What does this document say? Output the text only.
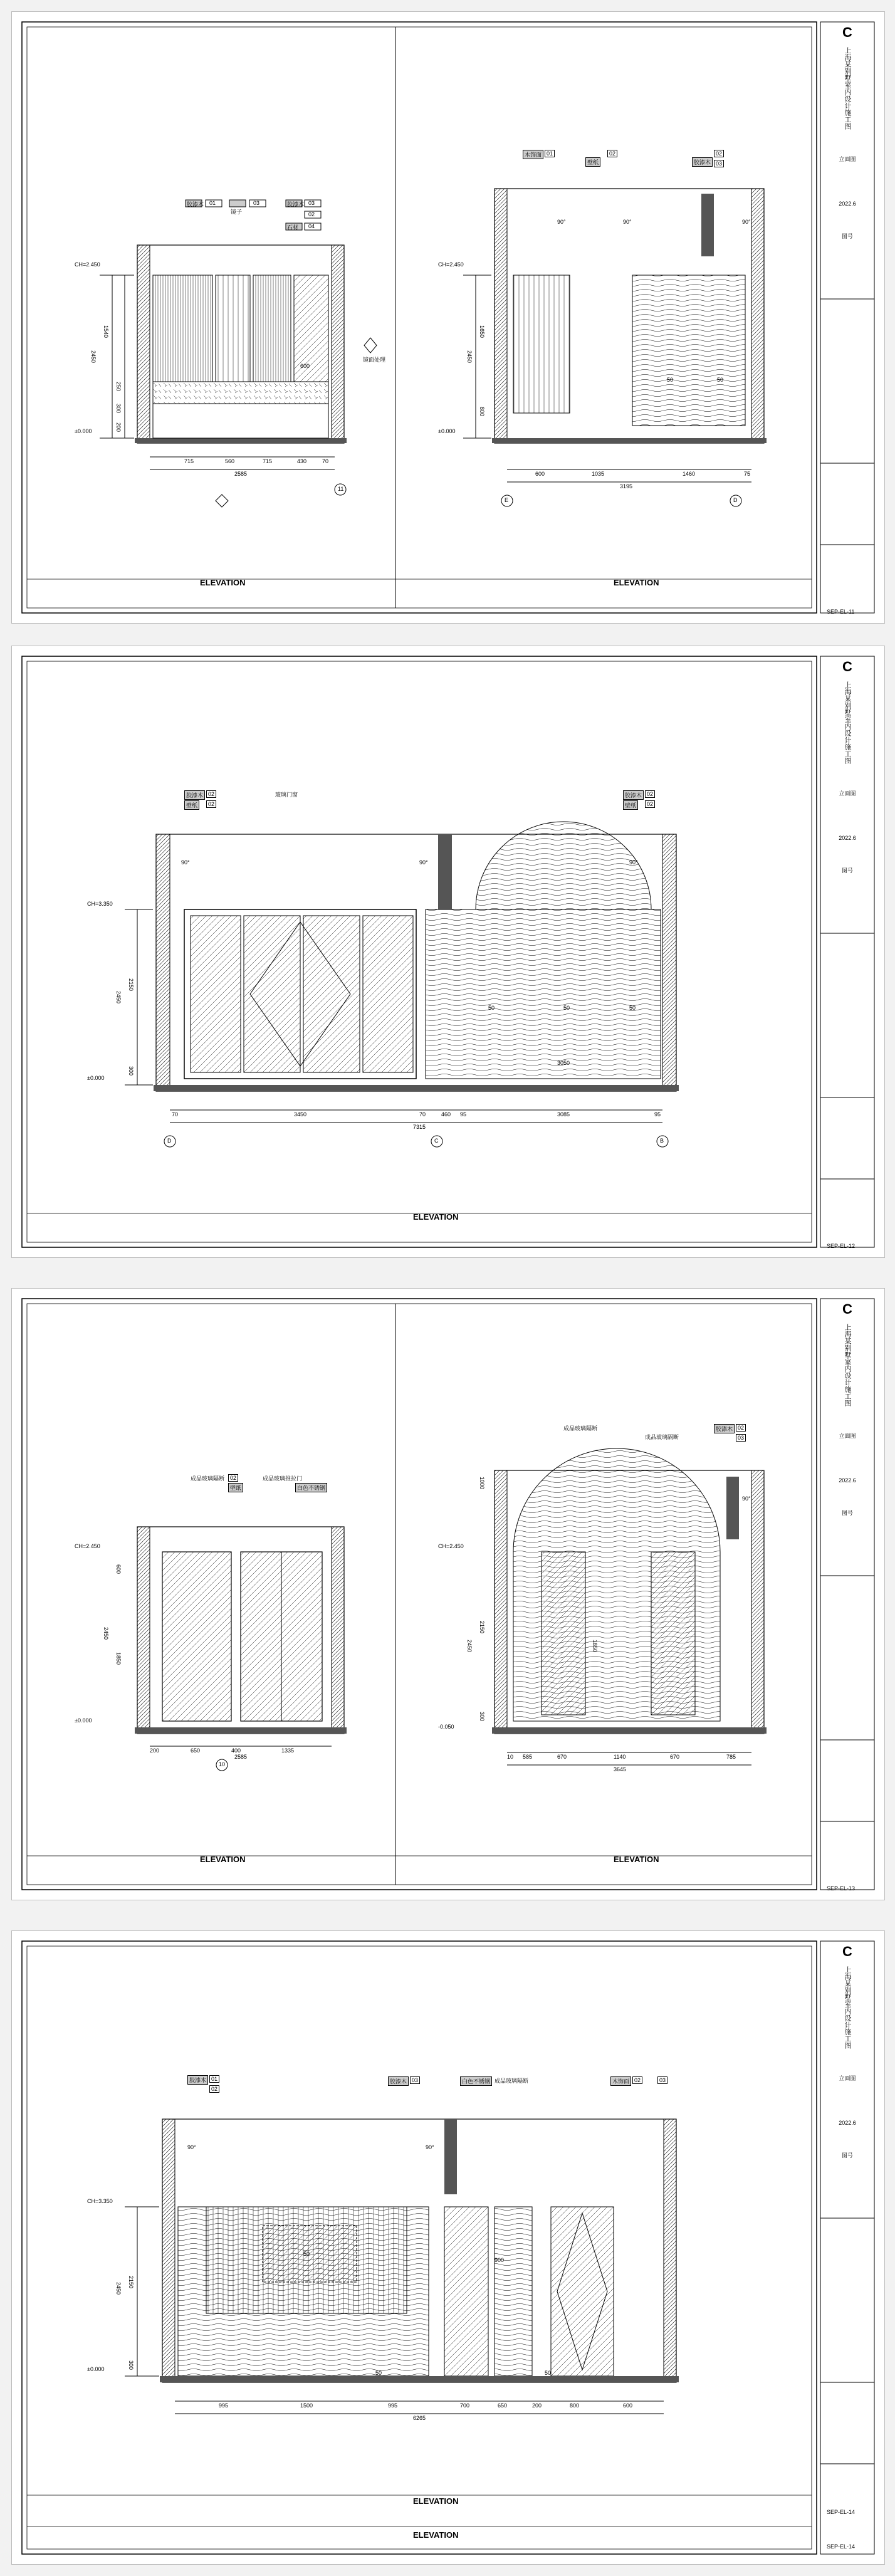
ELEVATION	ELEVATION
SEP-EL-11
CH=2.450
±0.000
胶漆木 01
镜子
03	胶漆木 03
石材 04
02
715	560	715	430	70
2585
1540
250
300
200
2450
11
镜面处理
600
CH=2.450
±0.000
木饰面 01
壁纸
02
胶漆木
02
03
90°	90°	90°
600	1035	1460	75
3195
1650
800
2450
E	D
50	50
C
上海某别墅室内设计施工图
立面图
2022.6
图号
ELEVATION
SEP-EL-12
CH=3.350
±0.000
胶漆木 02
壁纸	02
玻璃门窗	胶漆木 02
壁纸	02
90°	90°	90°
70	3450	70	460 95	3085	95
7315
2150
300
2450
D	C	B
50	50	50
3050
C
上海某别墅室内设计施工图
立面图
2022.6
图号
ELEVATION	ELEVATION
SEP-EL-13
CH=2.450
±0.000
成品玻璃隔断 02
壁纸
成品玻璃推拉门
白色不锈钢
200	650	400	1335
2585
600
1850
2450
10
CH=2.450
-0.050
成品玻璃隔断
成品玻璃隔断
胶漆木 02
03
90°
10 585	670	1140	670	785
3645
1000
2150
1850
300
2450
C
上海某别墅室内设计施工图
立面图
2022.6
图号
ELEVATION
ELEVATION
SEP-EL-14
SEP-EL-14
CH=3.350
±0.000
胶漆木 01
02
胶漆木 03	白色不锈钢 成品玻璃隔断	木饰面 02	03
90°	90°
995	1500	995	700	650	200	800	600
6265
2150
300
2450
50
50	50
900
C
上海某别墅室内设计施工图
立面图
2022.6
图号
